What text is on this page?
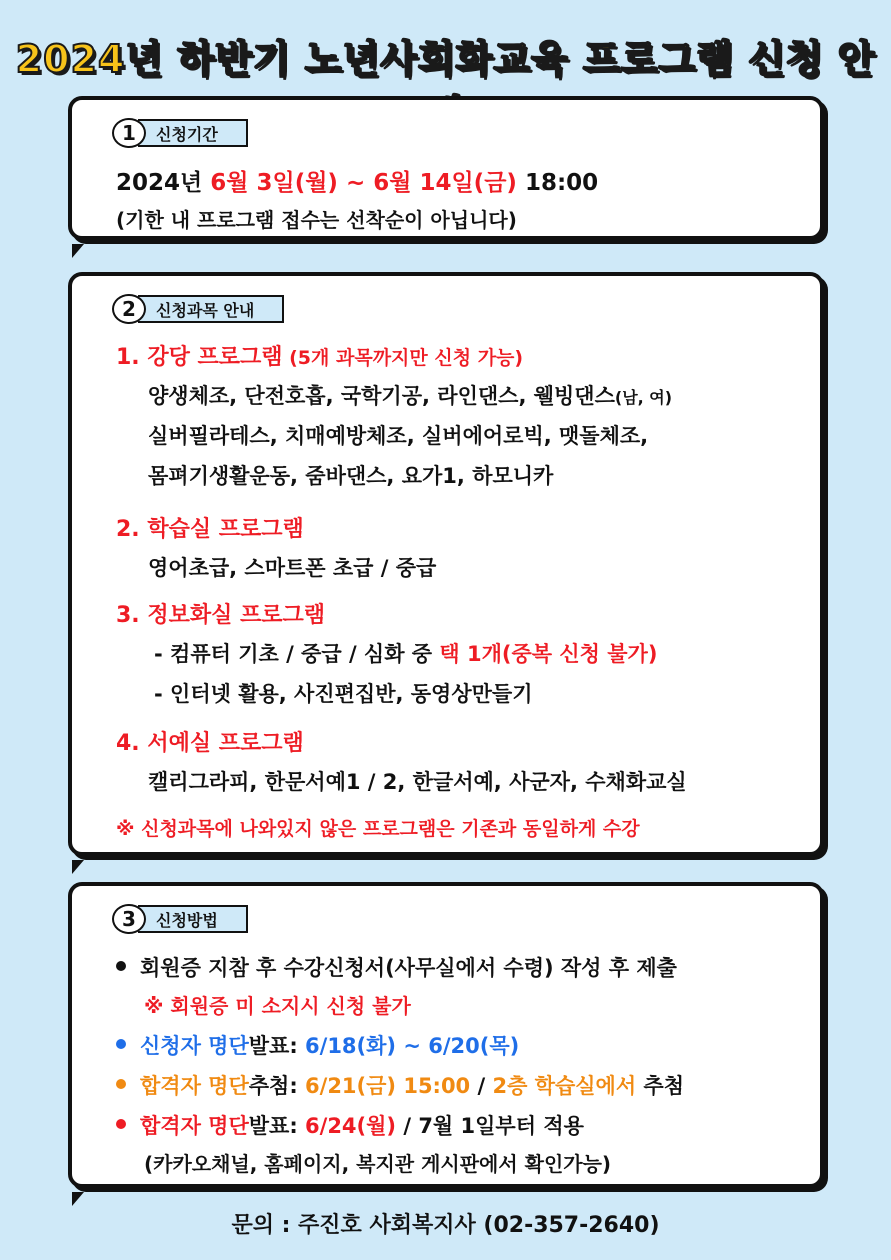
2024년 하반기 노년사회화교육 프로그램 신청 안
1	신청기간
2024년 6월 3일(월) ~ 6월 14일(금) 18:00
(기한 내 프로그램 접수는 선착순이 아닙니다)
2	신청과목 안내
1. 강당 프로그램 (5개 과목까지만 신청 가능)
양생체조, 단전호흡, 국학기공, 라인댄스, 웰빙댄스(남, 여)
실버필라테스, 치매예방체조, 실버에어로빅, 맷돌체조,
몸펴기생활운동, 줌바댄스, 요가1, 하모니카
2. 학습실 프로그램
영어초급, 스마트폰 초급 / 중급
3. 정보화실 프로그램
- 컴퓨터 기초 / 중급 / 심화 중 택 1개(중복 신청 불가)
- 인터넷 활용, 사진편집반, 동영상만들기
4. 서예실 프로그램
캘리그라피, 한문서예1 / 2, 한글서예, 사군자, 수채화교실
※ 신청과목에 나와있지 않은 프로그램은 기존과 동일하게 수강
3	신청방법
회원증 지참 후 수강신청서(사무실에서 수령) 작성 후 제출
※ 회원증 미 소지시 신청 불가
신청자 명단발표: 6/18(화) ~ 6/20(목)
합격자 명단추첨: 6/21(금) 15:00 / 2층 학습실에서 추첨
합격자 명단발표: 6/24(월) / 7월 1일부터 적용
(카카오채널, 홈페이지, 복지관 게시판에서 확인가능)
문의 : 주진호 사회복지사 (02-357-2640)
